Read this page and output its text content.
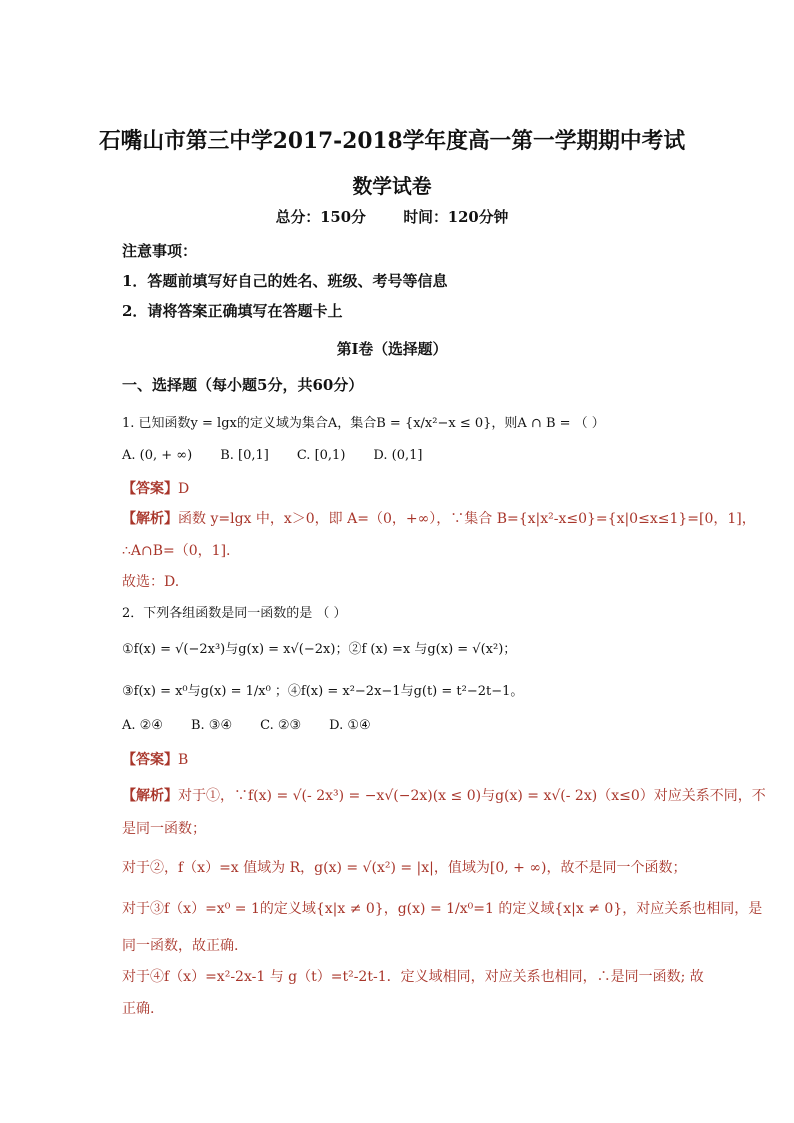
石嘴山市第三中学2017-2018学年度高一第一学期期中考试
数学试卷
总分：150分	时间：120分钟
注意事项：
1．答题前填写好自己的姓名、班级、考号等信息
2．请将答案正确填写在答题卡上
第Ⅰ卷（选择题）
一、选择题（每小题5分，共60分）
1. 已知函数y = lgx的定义域为集合A，集合B = {x/x²−x ≤ 0}，则A ∩ B = （ ）
A. (0, + ∞) B. [0,1] C. [0,1) D. (0,1]
【答案】D
【解析】函数 y=lgx 中，x＞0，即 A=（0，+∞），∵集合 B={x|x²-x≤0}={x|0≤x≤1}=[0，1]，
∴A∩B=（0，1].
故选：D.
2．下列各组函数是同一函数的是 （ ）
①f(x) = √(−2x³)与g(x) = x√(−2x)；②f (x) =x 与g(x) = √(x²)；
③f(x) = x⁰与g(x) = 1/x⁰ ；④f(x) = x²−2x−1与g(t) = t²−2t−1。
A. ②④ B. ③④ C. ②③ D. ①④
【答案】B
【解析】对于①，∵f(x) = √(- 2x³) = −x√(−2x)(x ≤ 0)与g(x) = x√(- 2x)（x≤0）对应关系不同，不
是同一函数；
对于②，f（x）=x 值域为 R，g(x) = √(x²) = |x|，值域为[0, + ∞)，故不是同一个函数；
对于③f（x）=x⁰ = 1的定义域{x|x ≠ 0}，g(x) = 1/x⁰=1 的定义域{x|x ≠ 0}，对应关系也相同，是
同一函数，故正确.
对于④f（x）=x²-2x-1 与 g（t）=t²-2t-1．定义域相同，对应关系也相同，∴是同一函数; 故
正确.
